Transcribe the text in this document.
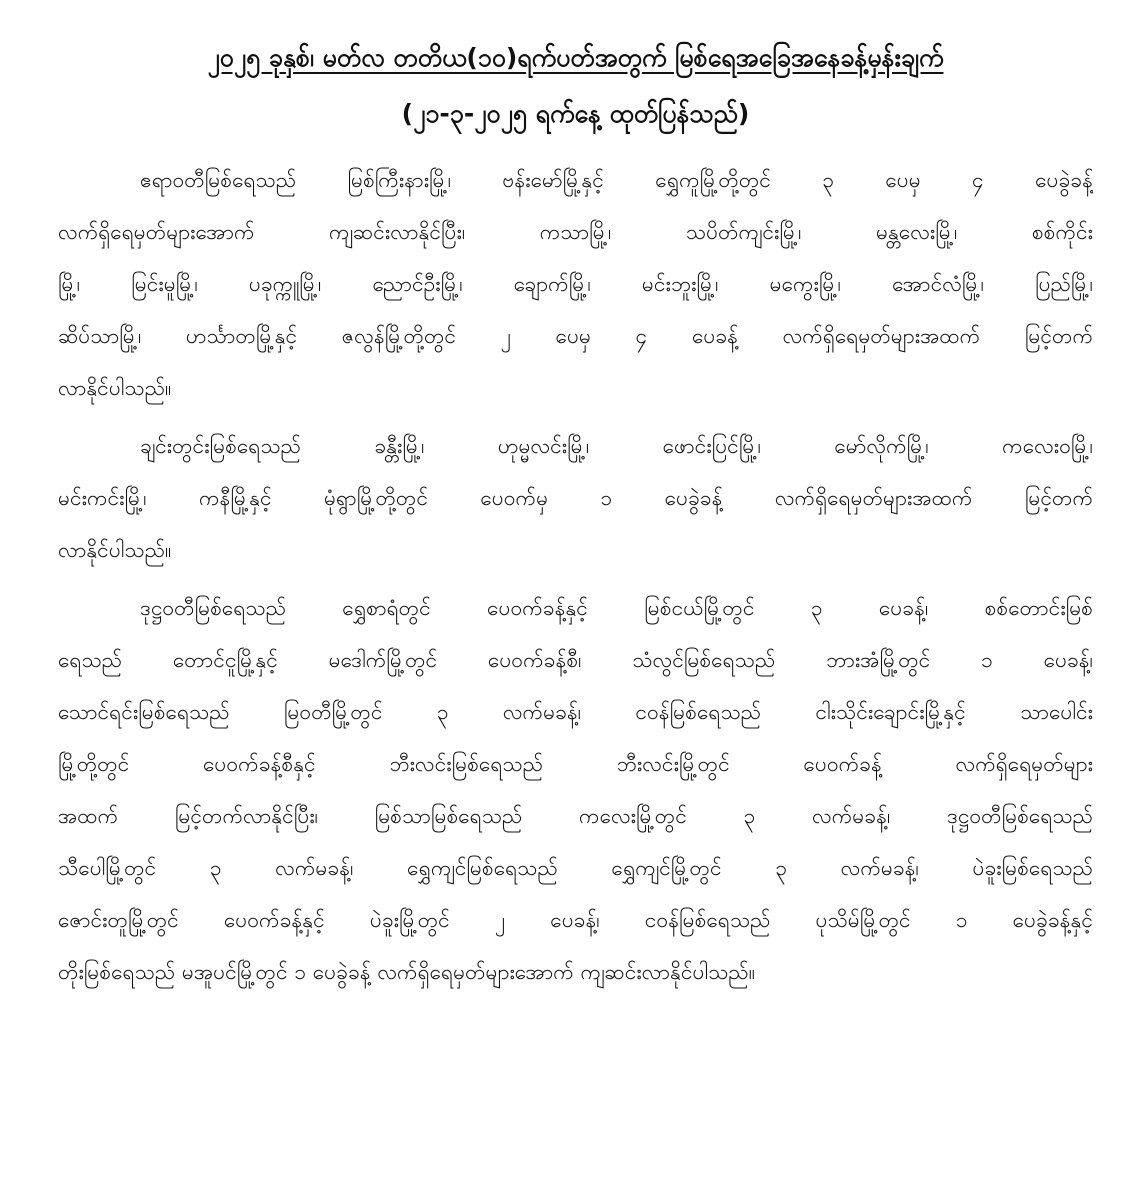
၂၀၂၅ ခုနှစ်၊ မတ်လ တတိယ(၁၀)ရက်ပတ်အတွက် မြစ်ရေအခြေအနေခန့်မှန်းချက်
(၂၁-၃-၂၀၂၅ ရက်နေ့ ထုတ်ပြန်သည်)
ဧရာဝတီမြစ်ရေသည် မြစ်ကြီးနားမြို့၊ ဗန်းမော်မြို့နှင့် ရွှေကူမြို့တို့တွင် ၃ ပေမှ ၄ ပေခွဲခန့်
လက်ရှိရေမှတ်များအောက် ကျဆင်းလာနိုင်ပြီး၊ ကသာမြို့၊ သပိတ်ကျင်းမြို့၊ မန္တလေးမြို့၊ စစ်ကိုင်း
မြို့၊ မြင်းမူမြို့၊ ပခုက္ကူမြို့၊ ညောင်ဦးမြို့၊ ချောက်မြို့၊ မင်းဘူးမြို့၊ မကွေးမြို့၊ အောင်လံမြို့၊ ပြည်မြို့၊
ဆိပ်သာမြို့၊ ဟင်္သာတမြို့နှင့် ဇလွန်မြို့တို့တွင် ၂ ပေမှ ၄ ပေခန့် လက်ရှိရေမှတ်များအထက် မြင့်တက်
လာနိုင်ပါသည်။
ချင်းတွင်းမြစ်ရေသည် ခန္တီးမြို့၊ ဟုမ္မလင်းမြို့၊ ဖောင်းပြင်မြို့၊ မော်လိုက်မြို့၊ ကလေးဝမြို့၊
မင်းကင်းမြို့၊ ကနီမြို့နှင့် မုံရွာမြို့တို့တွင် ပေဝက်မှ ၁ ပေခွဲခန့် လက်ရှိရေမှတ်များအထက် မြင့်တက်
လာနိုင်ပါသည်။
ဒုဋ္ဌဝတီမြစ်ရေသည် ရွှေစာရံတွင် ပေဝက်ခန့်နှင့် မြစ်ငယ်မြို့တွင် ၃ ပေခန့်၊ စစ်တောင်းမြစ်
ရေသည် တောင်ငူမြို့နှင့် မဒေါက်မြို့တွင် ပေဝက်ခန့်စီ၊ သံလွင်မြစ်ရေသည် ဘားအံမြို့တွင် ၁ ပေခန့်၊
သောင်ရင်းမြစ်ရေသည် မြဝတီမြို့တွင် ၃ လက်မခန့်၊ ငဝန်မြစ်ရေသည် ငါးသိုင်းချောင်းမြို့နှင့် သာပေါင်း
မြို့တို့တွင် ပေဝက်ခန့်စီနှင့် ဘီးလင်းမြစ်ရေသည် ဘီးလင်းမြို့တွင် ပေဝက်ခန့် လက်ရှိရေမှတ်များ
အထက် မြင့်တက်လာနိုင်ပြီး၊ မြစ်သာမြစ်ရေသည် ကလေးမြို့တွင် ၃ လက်မခန့်၊ ဒုဋ္ဌဝတီမြစ်ရေသည်
သီပေါမြို့တွင် ၃ လက်မခန့်၊ ရွှေကျင်မြစ်ရေသည် ရွှေကျင်မြို့တွင် ၃ လက်မခန့်၊ ပဲခူးမြစ်ရေသည်
ဇောင်းတူမြို့တွင် ပေဝက်ခန့်နှင့် ပဲခူးမြို့တွင် ၂ ပေခန့်၊ ငဝန်မြစ်ရေသည် ပုသိမ်မြို့တွင် ၁ ပေခွဲခန့်နှင့်
တိုးမြစ်ရေသည် မအူပင်မြို့တွင် ၁ ပေခွဲခန့် လက်ရှိရေမှတ်များအောက် ကျဆင်းလာနိုင်ပါသည်။
